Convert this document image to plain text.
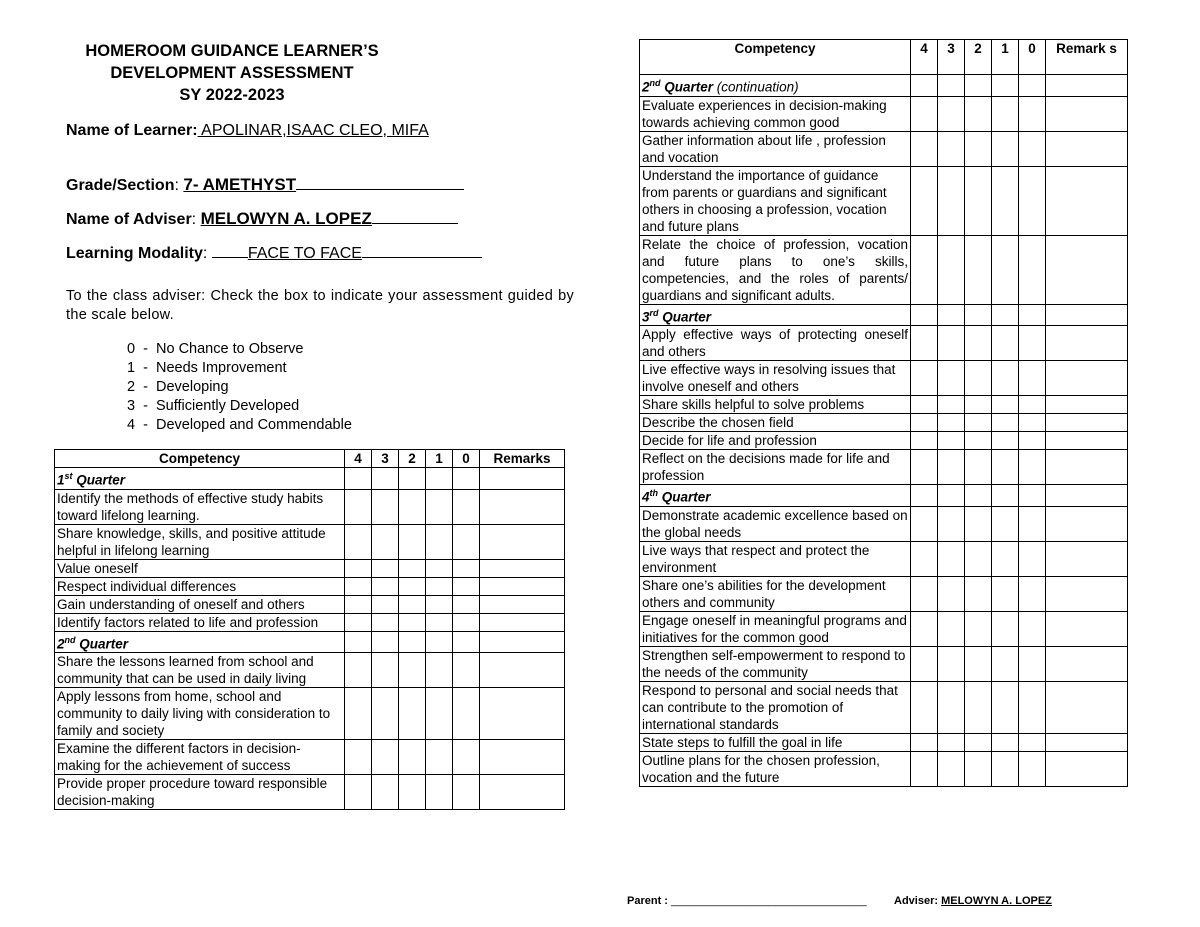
HOMEROOM GUIDANCE LEARNER’S
DEVELOPMENT ASSESSMENT
SY 2022-2023
Name of Learner: APOLINAR,ISAAC CLEO, MIFA
Grade/Section: 7- AMETHYST
Name of Adviser: MELOWYN A. LOPEZ
Learning Modality:	FACE TO FACE
To the class adviser: Check the box to indicate your assessment guided by the scale below.
0  -  No Chance to Observe
1  -  Needs Improvement
2  -  Developing
3  -  Sufficiently Developed
4  -  Developed and Commendable
Competency	4	3	2	1	0	Remarks
1st Quarter						
Identify the methods of effective study habits toward lifelong learning.						
Share knowledge, skills, and positive attitude helpful in lifelong learning						
Value oneself						
Respect individual differences						
Gain understanding of oneself and others						
Identify factors related to life and profession						
2nd Quarter						
Share the lessons learned from school and community that can be used in daily living						
Apply lessons from home, school and community to daily living with consideration to family and society						
Examine the different factors in decision-making for the achievement of success						
Provide proper procedure toward responsible decision-making						
Competency	4	3	2	1	0	Remark s
2nd Quarter (continuation)						
Evaluate experiences in decision-making towards achieving common good						
Gather information about life , profession and vocation						
Understand the importance of guidance from parents or guardians and significant others in choosing a profession, vocation and future plans						
Relate the choice of profession, vocation and future plans to one’s skills, competencies, and the roles of parents/ guardians and significant adults.						
3rd Quarter						
Apply effective ways of protecting oneself and others						
Live effective ways in resolving issues that involve oneself and others						
Share skills helpful to solve problems						
Describe the chosen field						
Decide for life and profession						
Reflect on the decisions made for life and profession						
4th Quarter						
Demonstrate academic excellence based on the global needs						
Live ways that respect and protect the environment						
Share one’s abilities for the development others and community						
Engage oneself in meaningful programs and initiatives for the common good						
Strengthen self-empowerment to respond to the needs of the community						
Respond to personal and social needs that can contribute to the promotion of international standards						
State steps to fulfill the goal in life						
Outline plans for the chosen profession, vocation and the future						
Parent : ________________________________ Adviser: MELOWYN A. LOPEZ
